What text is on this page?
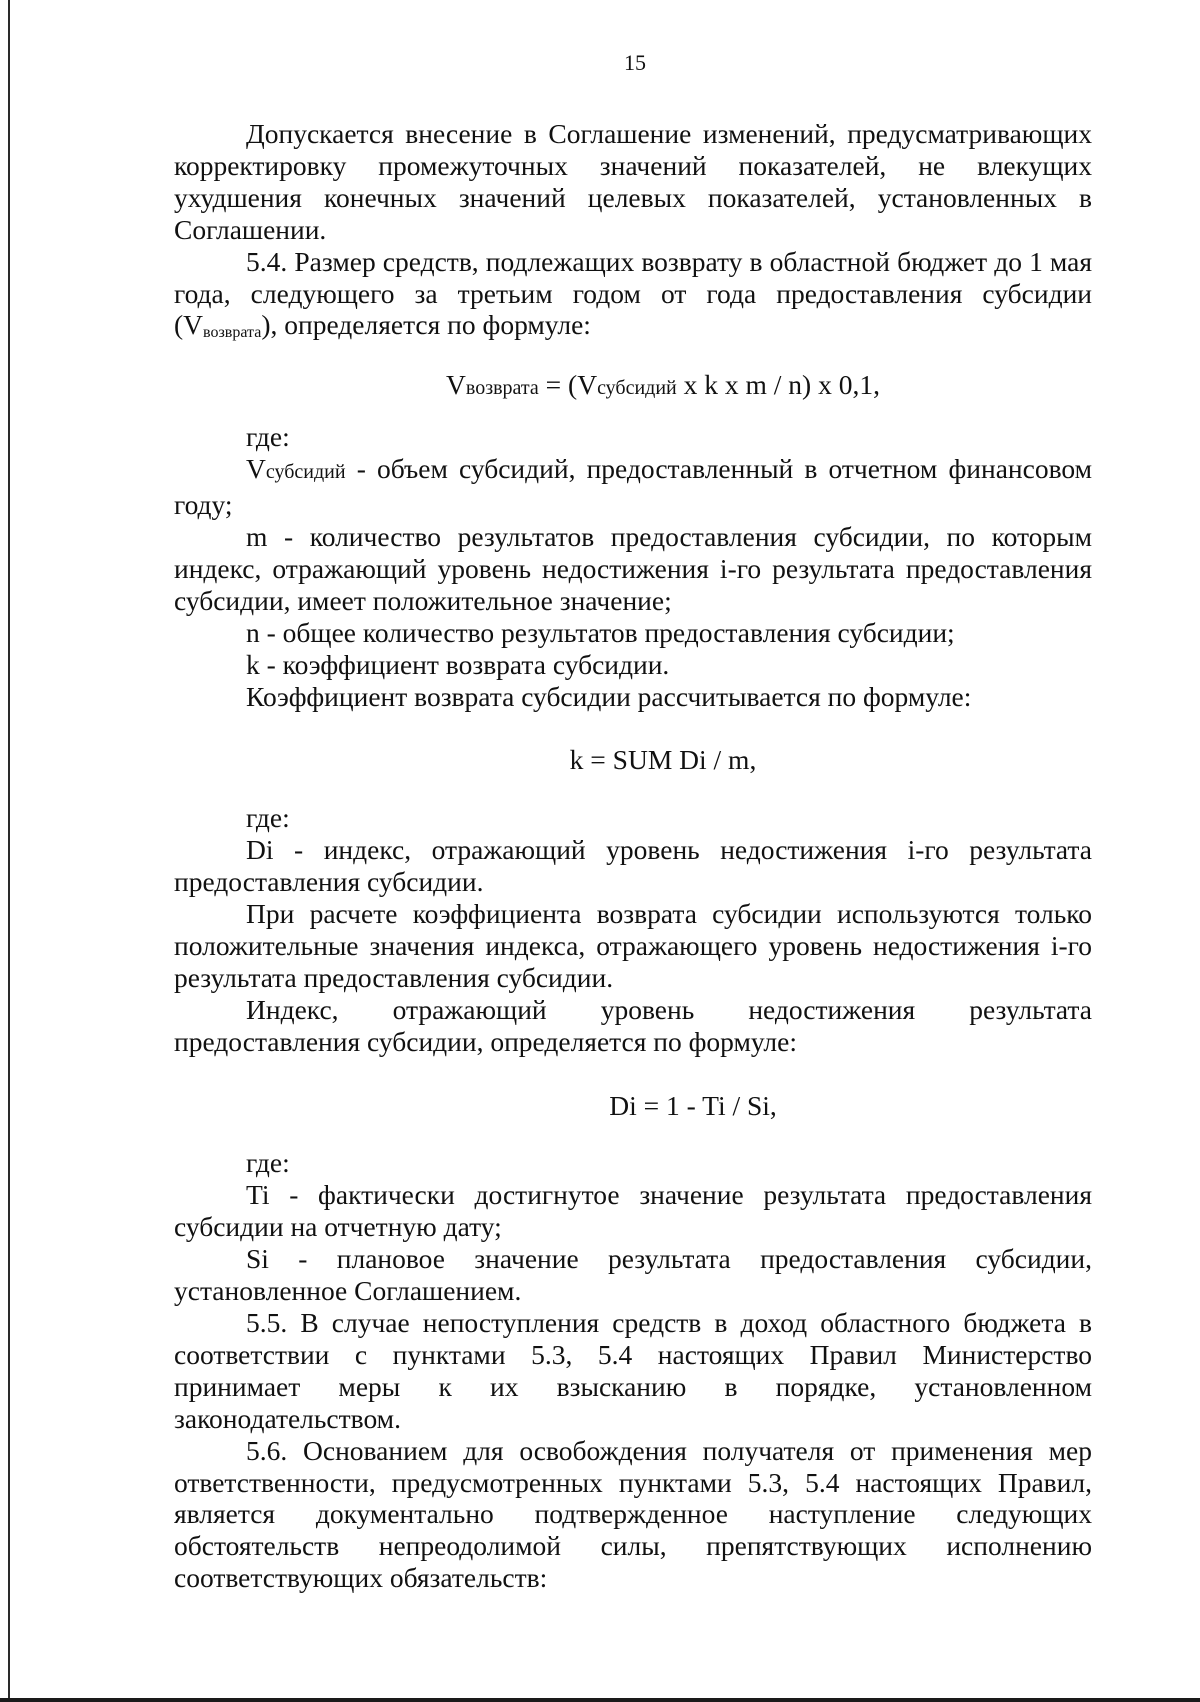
15

Допускается внесение в Соглашение изменений, предусматривающих корректировку промежуточных значений показателей, не влекущих ухудшения конечных значений целевых показателей, установленных в Соглашении.

5.4. Размер средств, подлежащих возврату в областной бюджет до 1 мая года, следующего за третьим годом от года предоставления субсидии (Vвозврата), определяется по формуле:

Vвозврата = (Vсубсидий x k x m / n) x 0,1,

где:

Vсубсидий - объем субсидий, предоставленный в отчетном финансовом году;

m - количество результатов предоставления субсидии, по которым индекс, отражающий уровень недостижения i-го результата предоставления субсидии, имеет положительное значение;

n - общее количество результатов предоставления субсидии;

k - коэффициент возврата субсидии.

Коэффициент возврата субсидии рассчитывается по формуле:

k = SUM Di / m,

где:

Di - индекс, отражающий уровень недостижения i-го результата предоставления субсидии.

При расчете коэффициента возврата субсидии используются только положительные значения индекса, отражающего уровень недостижения i-го результата предоставления субсидии.

Индекс, отражающий уровень недостижения результата предоставления субсидии, определяется по формуле:

Di = 1 - Ti / Si,

где:

Ti - фактически достигнутое значение результата предоставления субсидии на отчетную дату;

Si - плановое значение результата предоставления субсидии, установленное Соглашением.

5.5. В случае непоступления средств в доход областного бюджета в соответствии с пунктами 5.3, 5.4 настоящих Правил Министерство принимает меры к их взысканию в порядке, установленном законодательством.

5.6. Основанием для освобождения получателя от применения мер ответственности, предусмотренных пунктами 5.3, 5.4 настоящих Правил, является документально подтвержденное наступление следующих обстоятельств непреодолимой силы, препятствующих исполнению соответствующих обязательств:
